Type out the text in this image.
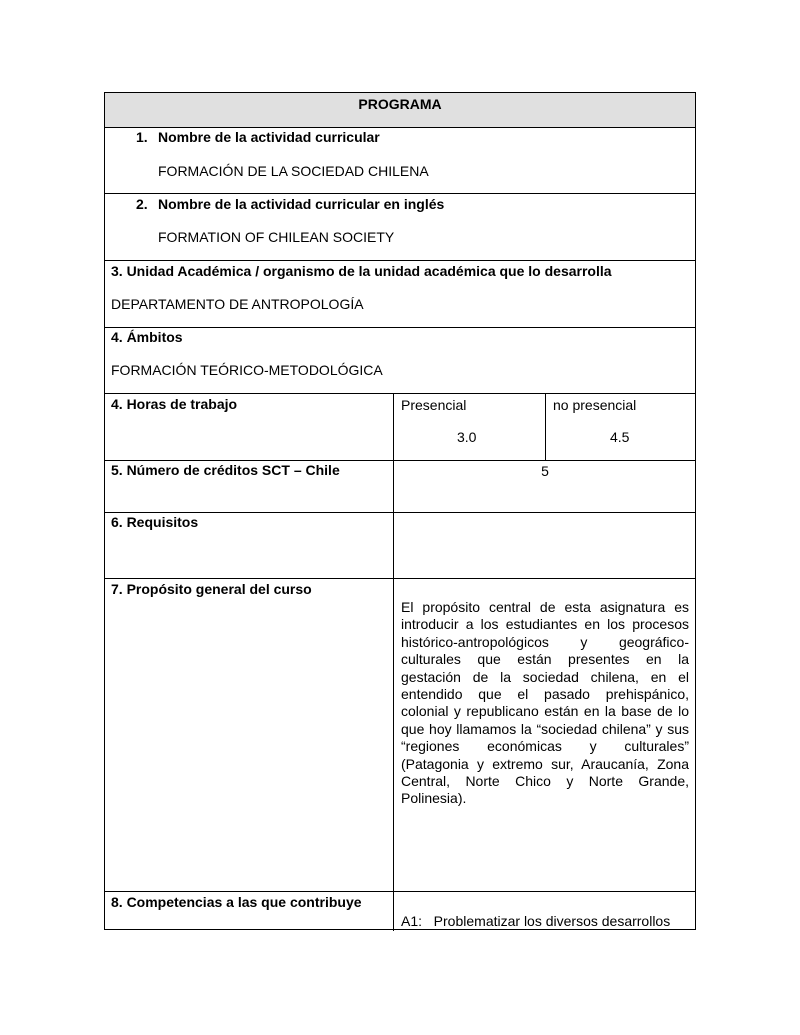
PROGRAMA
1. Nombre de la actividad curricular
FORMACIÓN DE LA SOCIEDAD CHILENA
2. Nombre de la actividad curricular en inglés
FORMATION OF CHILEAN SOCIETY
3. Unidad Académica / organismo de la unidad académica que lo desarrolla
DEPARTAMENTO DE ANTROPOLOGÍA
4. Ámbitos
FORMACIÓN TEÓRICO-METODOLÓGICA
4. Horas de trabajo	Presencial
3.0
no presencial
4.5
5. Número de créditos SCT – Chile	5
6. Requisitos
7. Propósito general del curso
El propósito central de esta asignatura es
introducir a los estudiantes en los procesos
histórico-antropológicos y geográfico-
culturales que están presentes en la
gestación de la sociedad chilena, en el
entendido que el pasado prehispánico,
colonial y republicano están en la base de lo
que hoy llamamos la “sociedad chilena” y sus
“regiones económicas y culturales”
(Patagonia y extremo sur, Araucanía, Zona
Central, Norte Chico y Norte Grande,
Polinesia).
8. Competencias a las que contribuye
A1:   Problematizar los diversos desarrollos
